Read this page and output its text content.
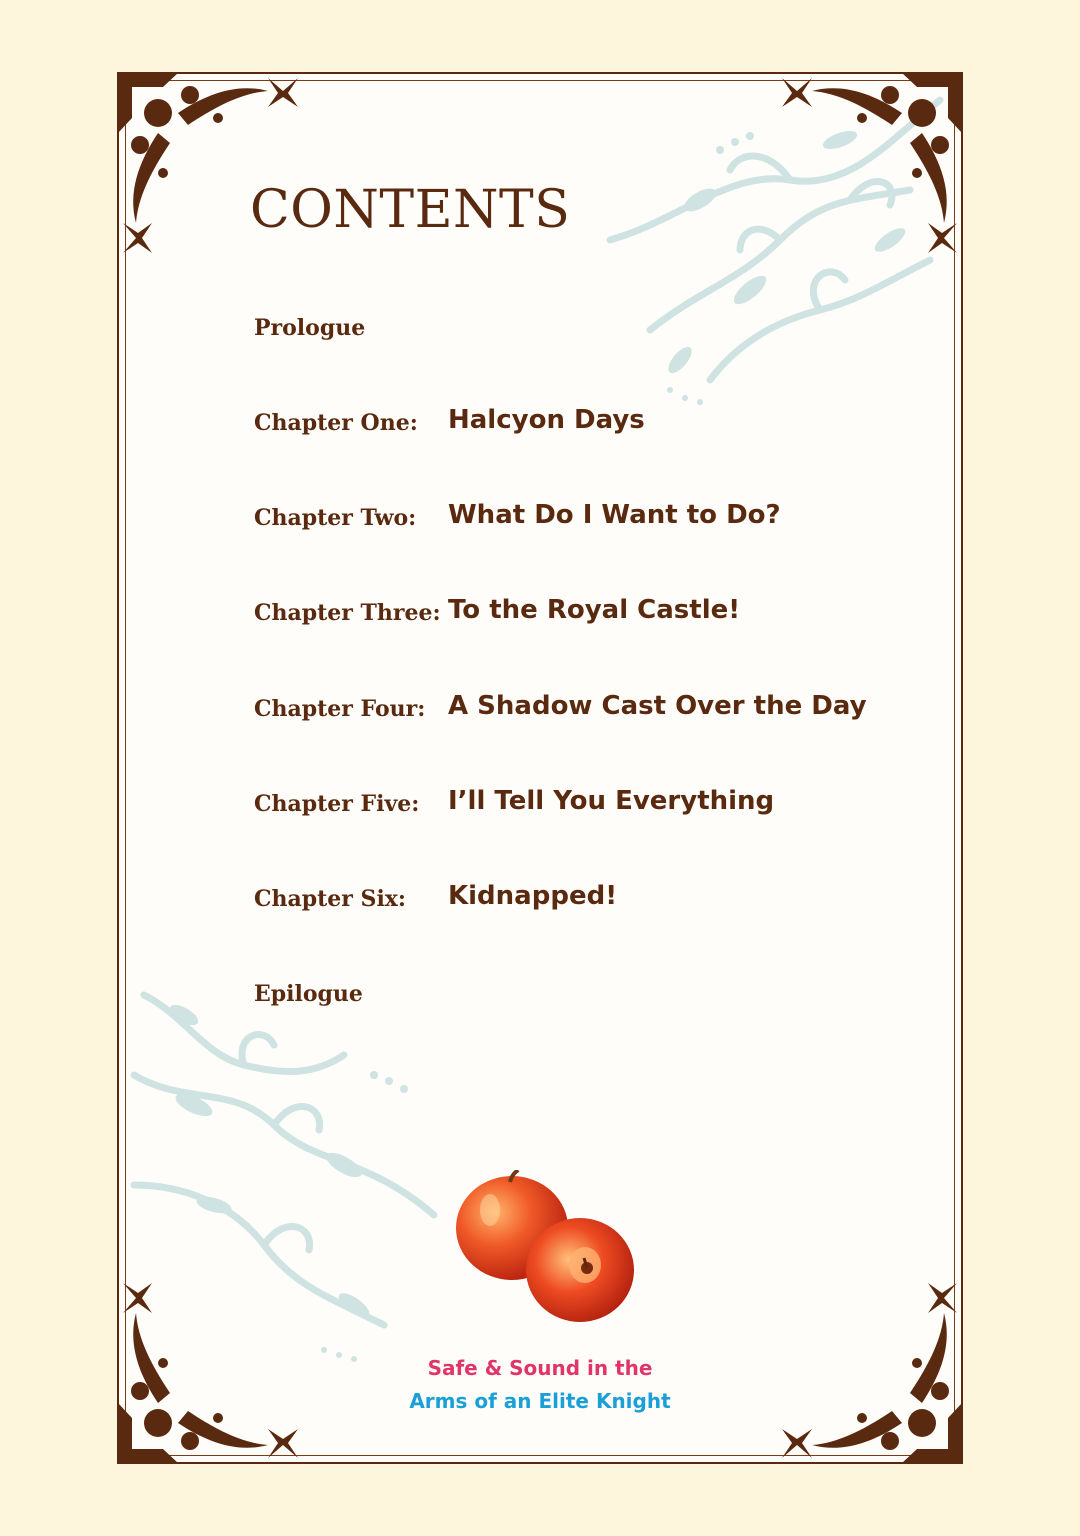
CONTENTS
Prologue
Chapter One: Halcyon Days
Chapter Two: What Do I Want to Do?
Chapter Three: To the Royal Castle!
Chapter Four: A Shadow Cast Over the Day
Chapter Five: I’ll Tell You Everything
Chapter Six: Kidnapped!
Epilogue
Safe & Sound in the
Arms of an Elite Knight
